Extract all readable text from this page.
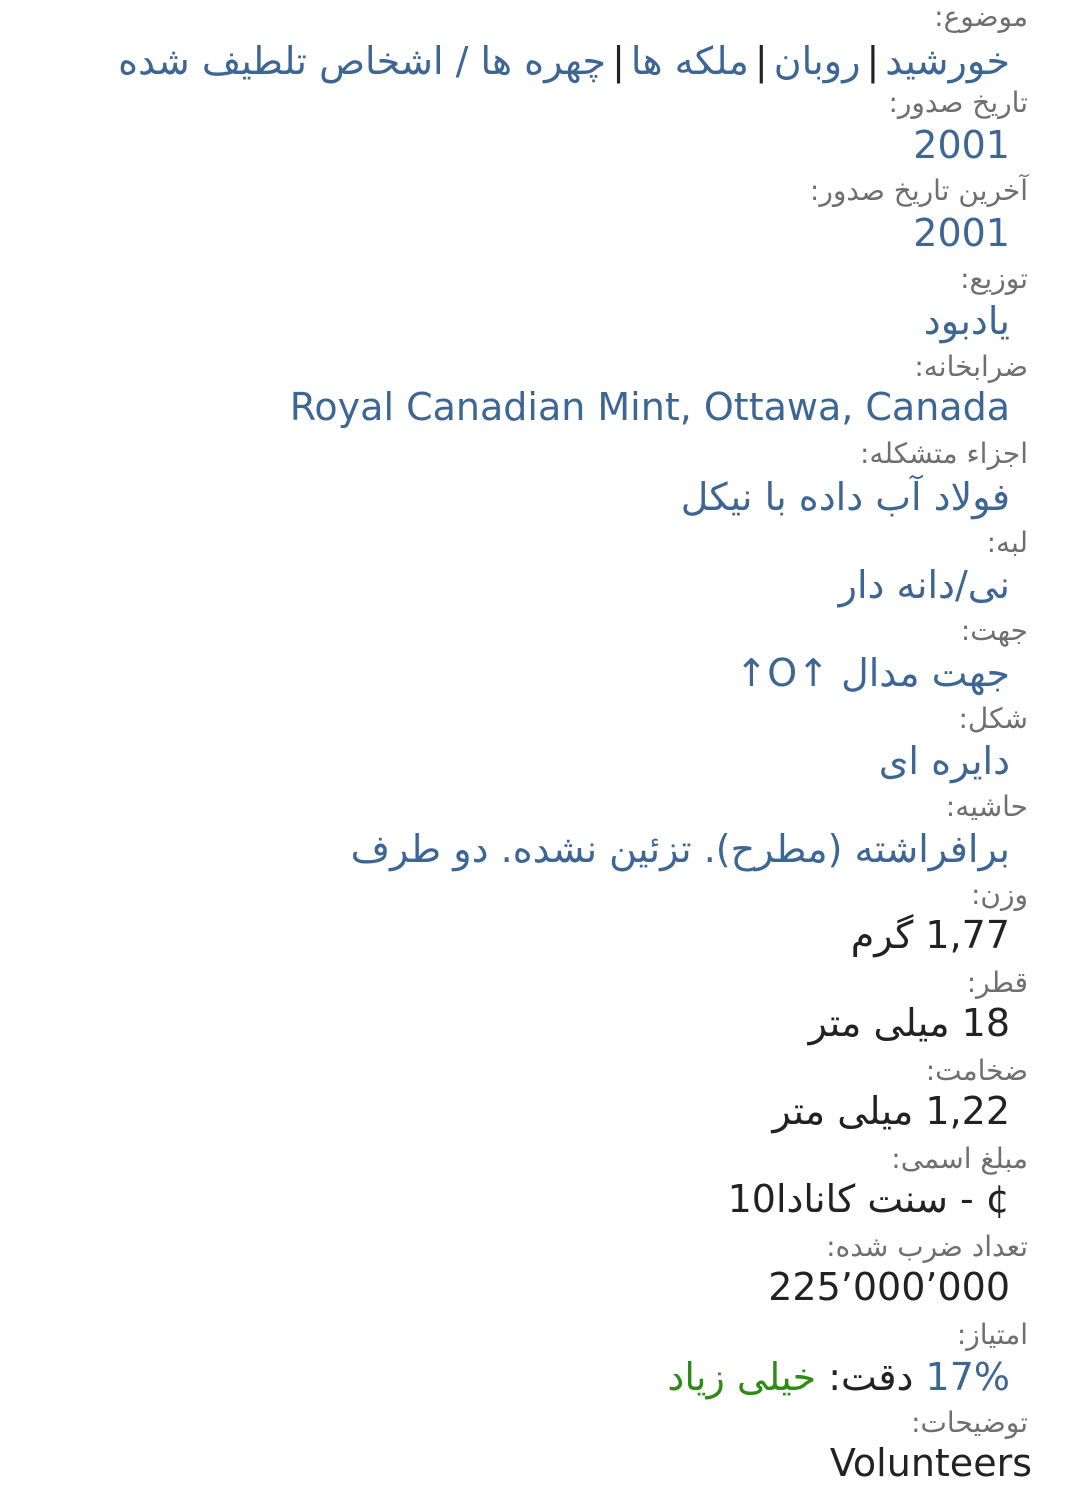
موضوع:
خورشید|روبان|ملکه ها|چهره ها / اشخاص تلطیف شده
تاریخ صدور:
2001
آخرین تاریخ صدور:
2001
توزیع:
یادبود
ضرابخانه:
Royal Canadian Mint, Ottawa, Canada
اجزاء متشکله:
فولاد آب داده با نیکل
لبه:
نی/دانه دار
جهت:
جهت مدال ↑O↑
شکل:
دایره ای
حاشیه:
برافراشته (مطرح). تزئین نشده. دو طرف
وزن:
1,77 گرم
قطر:
18 میلی متر
ضخامت:
1,22 میلی متر
مبلغ اسمی:
¢ - سنت کانادا10
تعداد ضرب شده:
225’000’000
امتیاز:
17% دقت: خیلی زیاد
توضیحات:
Volunteers
